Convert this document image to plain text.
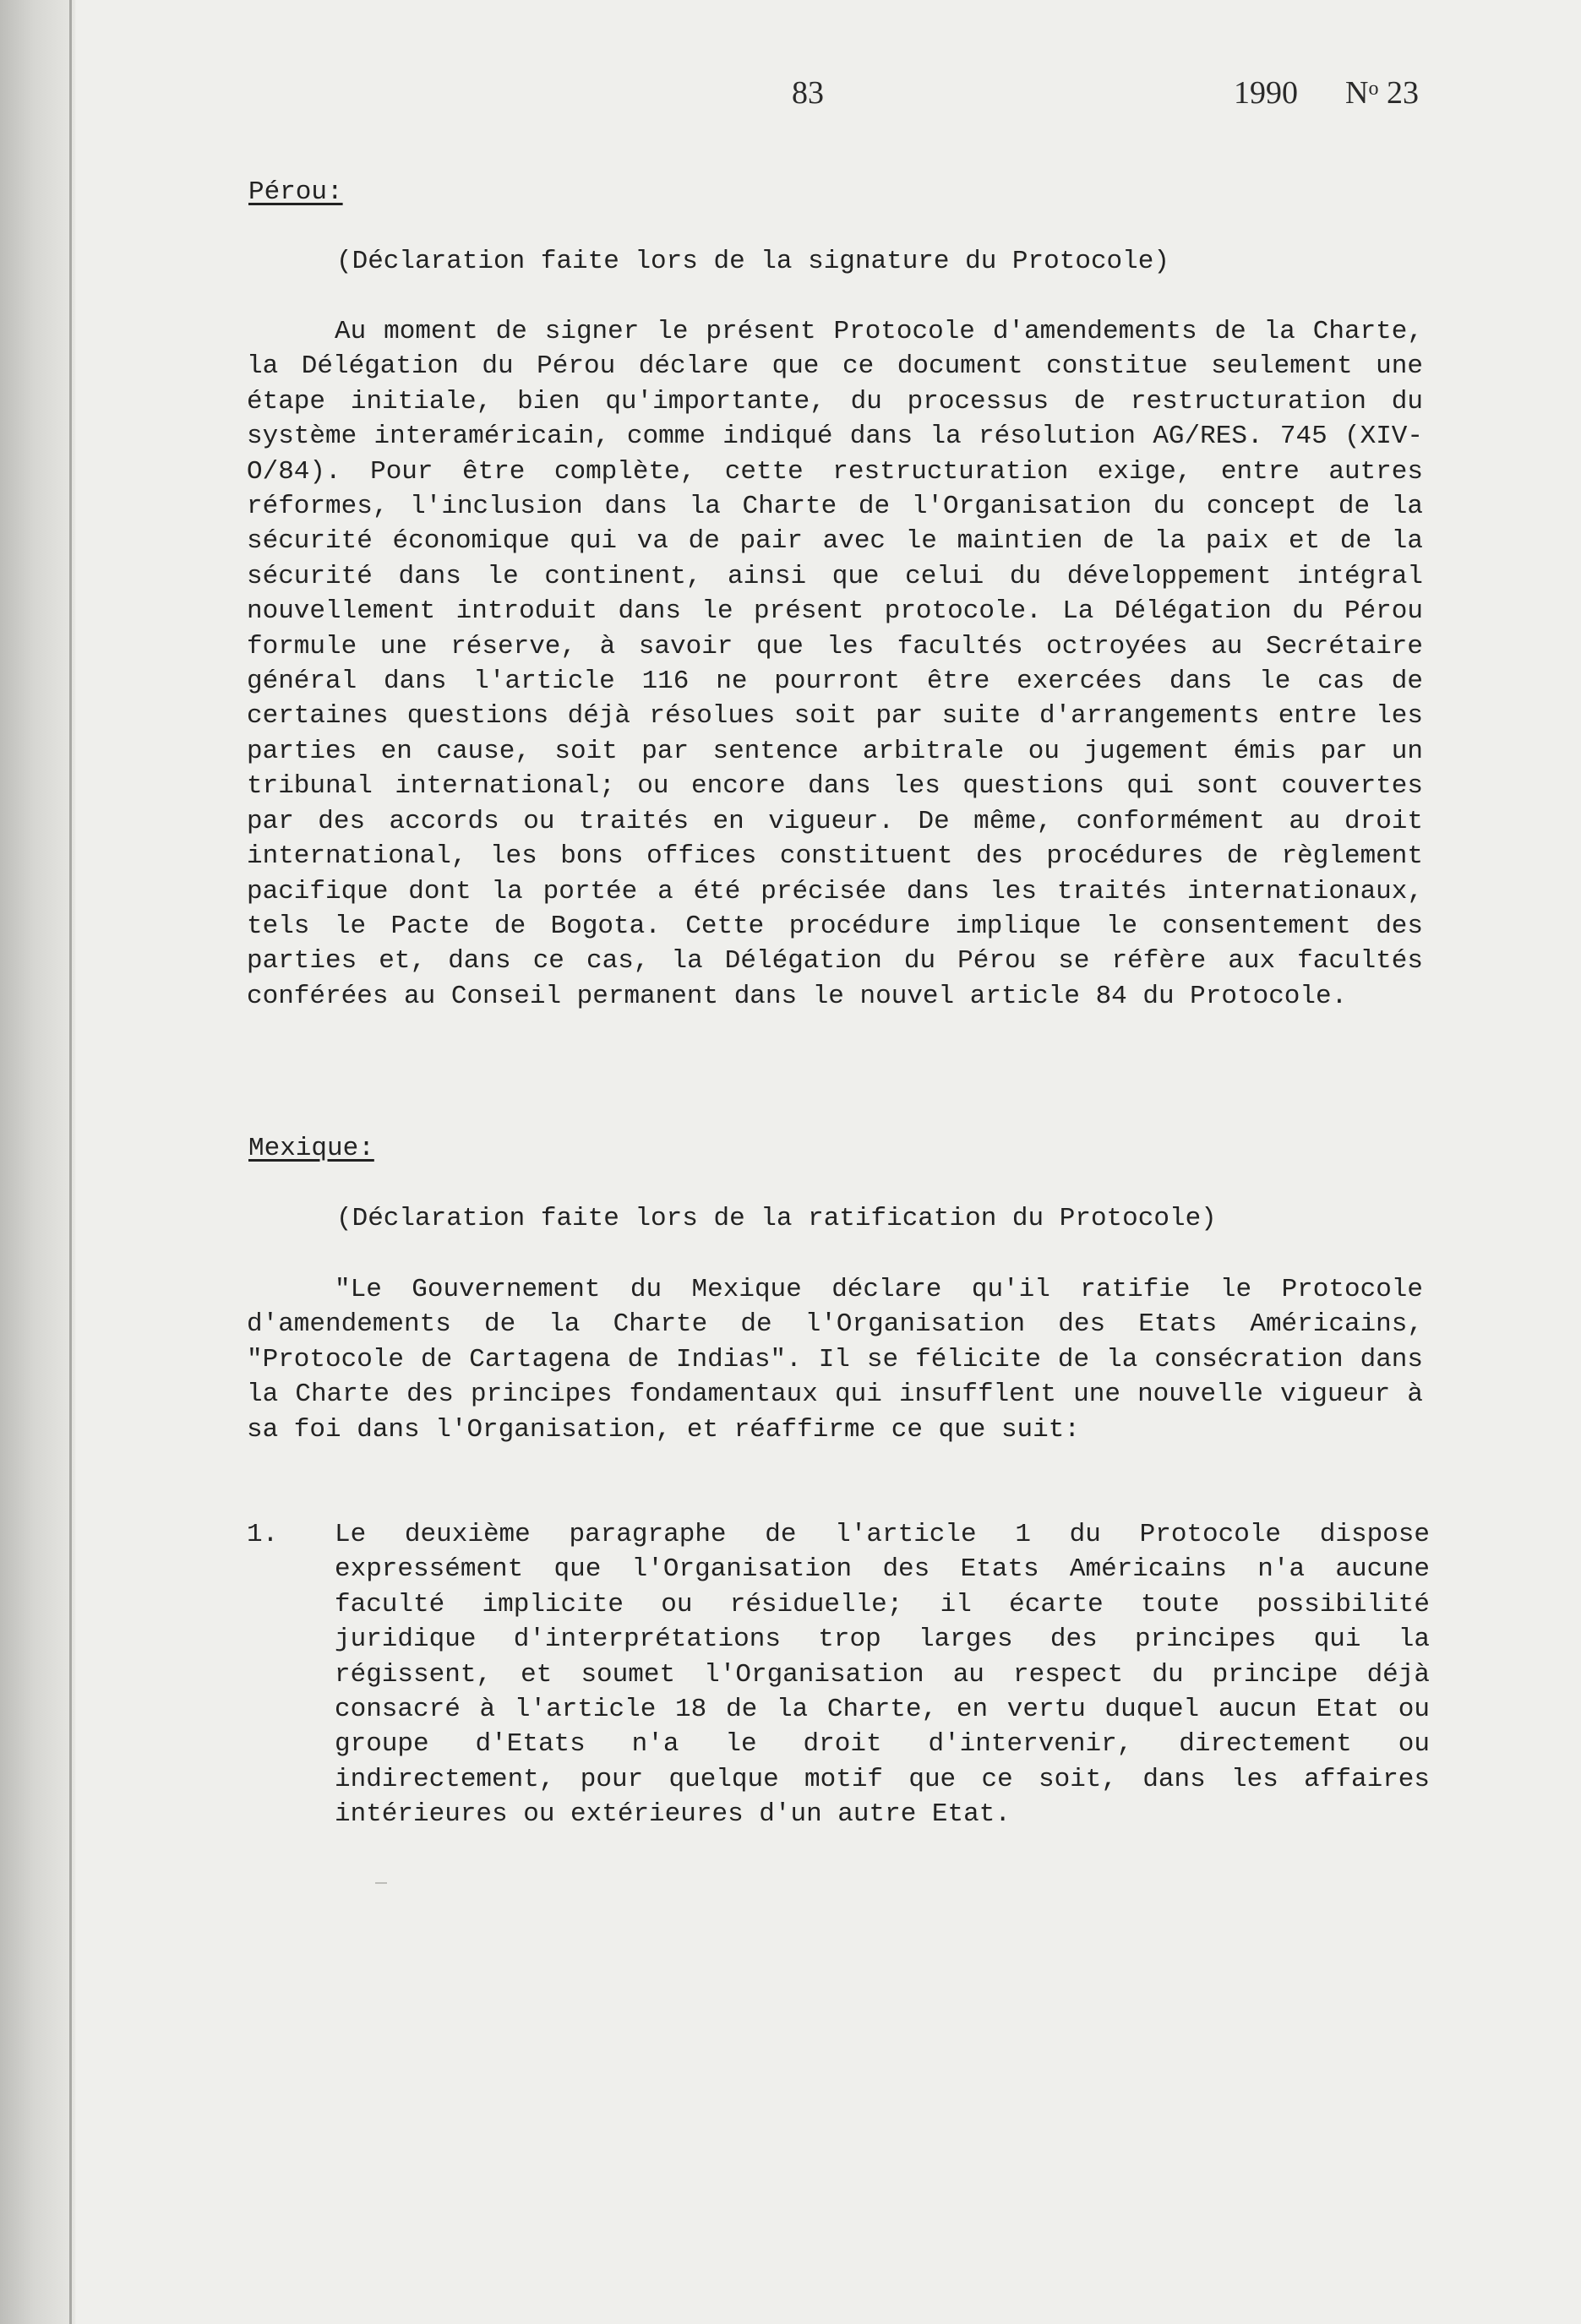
83	1990 $N^o$ 23
Pérou:
(Déclaration faite lors de la signature du Protocole)
Au moment de signer le présent Protocole d'amendements de la Charte, la Délégation du Pérou déclare que ce document constitue seulement une étape initiale, bien qu'importante, du processus de restructuration du système interaméricain, comme indiqué dans la résolution AG/RES. 745 (XIV-O/84). Pour être complète, cette restructuration exige, entre autres réformes, l'inclusion dans la Charte de l'Organisation du concept de la sécurité économique qui va de pair avec le maintien de la paix et de la sécurité dans le continent, ainsi que celui du développement intégral nouvellement introduit dans le présent protocole. La Délégation du Pérou formule une réserve, à savoir que les facultés octroyées au Secrétaire général dans l'article 116 ne pourront être exercées dans le cas de certaines questions déjà résolues soit par suite d'arrangements entre les parties en cause, soit par sentence arbitrale ou jugement émis par un tribunal international; ou encore dans les questions qui sont couvertes par des accords ou traités en vigueur. De même, conformément au droit international, les bons offices constituent des procédures de règlement pacifique dont la portée a été précisée dans les traités internationaux, tels le Pacte de Bogota. Cette procédure implique le consentement des parties et, dans ce cas, la Délégation du Pérou se réfère aux facultés conférées au Conseil permanent dans le nouvel article 84 du Protocole.
Mexique:
(Déclaration faite lors de la ratification du Protocole)
"Le Gouvernement du Mexique déclare qu'il ratifie le Protocole d'amendements de la Charte de l'Organisation des Etats Américains, "Protocole de Cartagena de Indias". Il se félicite de la consécration dans la Charte des principes fondamentaux qui insufflent une nouvelle vigueur à sa foi dans l'Organisation, et réaffirme ce que suit:
1. Le deuxième paragraphe de l'article 1 du Protocole dispose expressément que l'Organisation des Etats Américains n'a aucune faculté implicite ou résiduelle; il écarte toute possibilité juridique d'interprétations trop larges des principes qui la régissent, et soumet l'Organisation au respect du principe déjà consacré à l'article 18 de la Charte, en vertu duquel aucun Etat ou groupe d'Etats n'a le droit d'intervenir, directement ou indirectement, pour quelque motif que ce soit, dans les affaires intérieures ou extérieures d'un autre Etat.
